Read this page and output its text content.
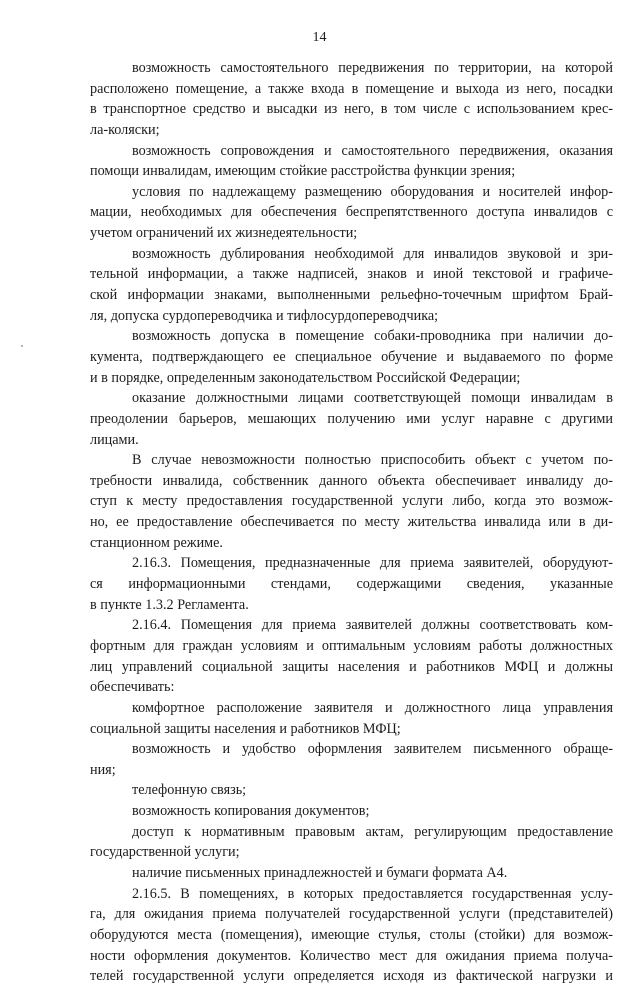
14
возможность самостоятельного передвижения по территории, на которой
расположено помещение, а также входа в помещение и выхода из него, посадки
в транспортное средство и высадки из него, в том числе с использованием крес-
ла-коляски;
возможность сопровождения и самостоятельного передвижения, оказания
помощи инвалидам, имеющим стойкие расстройства функции зрения;
условия по надлежащему размещению оборудования и носителей инфор-
мации, необходимых для обеспечения беспрепятственного доступа инвалидов с
учетом ограничений их жизнедеятельности;
возможность дублирования необходимой для инвалидов звуковой и зри-
тельной информации, а также надписей, знаков и иной текстовой и графиче-
ской информации знаками, выполненными рельефно-точечным шрифтом Брай-
ля, допуска сурдопереводчика и тифлосурдопереводчика;
возможность допуска в помещение собаки-проводника при наличии до-
кумента, подтверждающего ее специальное обучение и выдаваемого по форме
и в порядке, определенным законодательством Российской Федерации;
оказание должностными лицами соответствующей помощи инвалидам в
преодолении барьеров, мешающих получению ими услуг наравне с другими
лицами.
В случае невозможности полностью приспособить объект с учетом по-
требности инвалида, собственник данного объекта обеспечивает инвалиду до-
ступ к месту предоставления государственной услуги либо, когда это возмож-
но, ее предоставление обеспечивается по месту жительства инвалида или в ди-
станционном режиме.
2.16.3. Помещения, предназначенные для приема заявителей, оборудуют-
ся информационными стендами, содержащими сведения, указанные
в пункте 1.3.2 Регламента.
2.16.4. Помещения для приема заявителей должны соответствовать ком-
фортным для граждан условиям и оптимальным условиям работы должностных
лиц управлений социальной защиты населения и работников МФЦ и должны
обеспечивать:
комфортное расположение заявителя и должностного лица управления
социальной защиты населения и работников МФЦ;
возможность и удобство оформления заявителем письменного обраще-
ния;
телефонную связь;
возможность копирования документов;
доступ к нормативным правовым актам, регулирующим предоставление
государственной услуги;
наличие письменных принадлежностей и бумаги формата А4.
2.16.5. В помещениях, в которых предоставляется государственная услу-
га, для ожидания приема получателей государственной услуги (представителей)
оборудуются места (помещения), имеющие стулья, столы (стойки) для возмож-
ности оформления документов. Количество мест для ожидания приема получа-
телей государственной услуги определяется исходя из фактической нагрузки и
